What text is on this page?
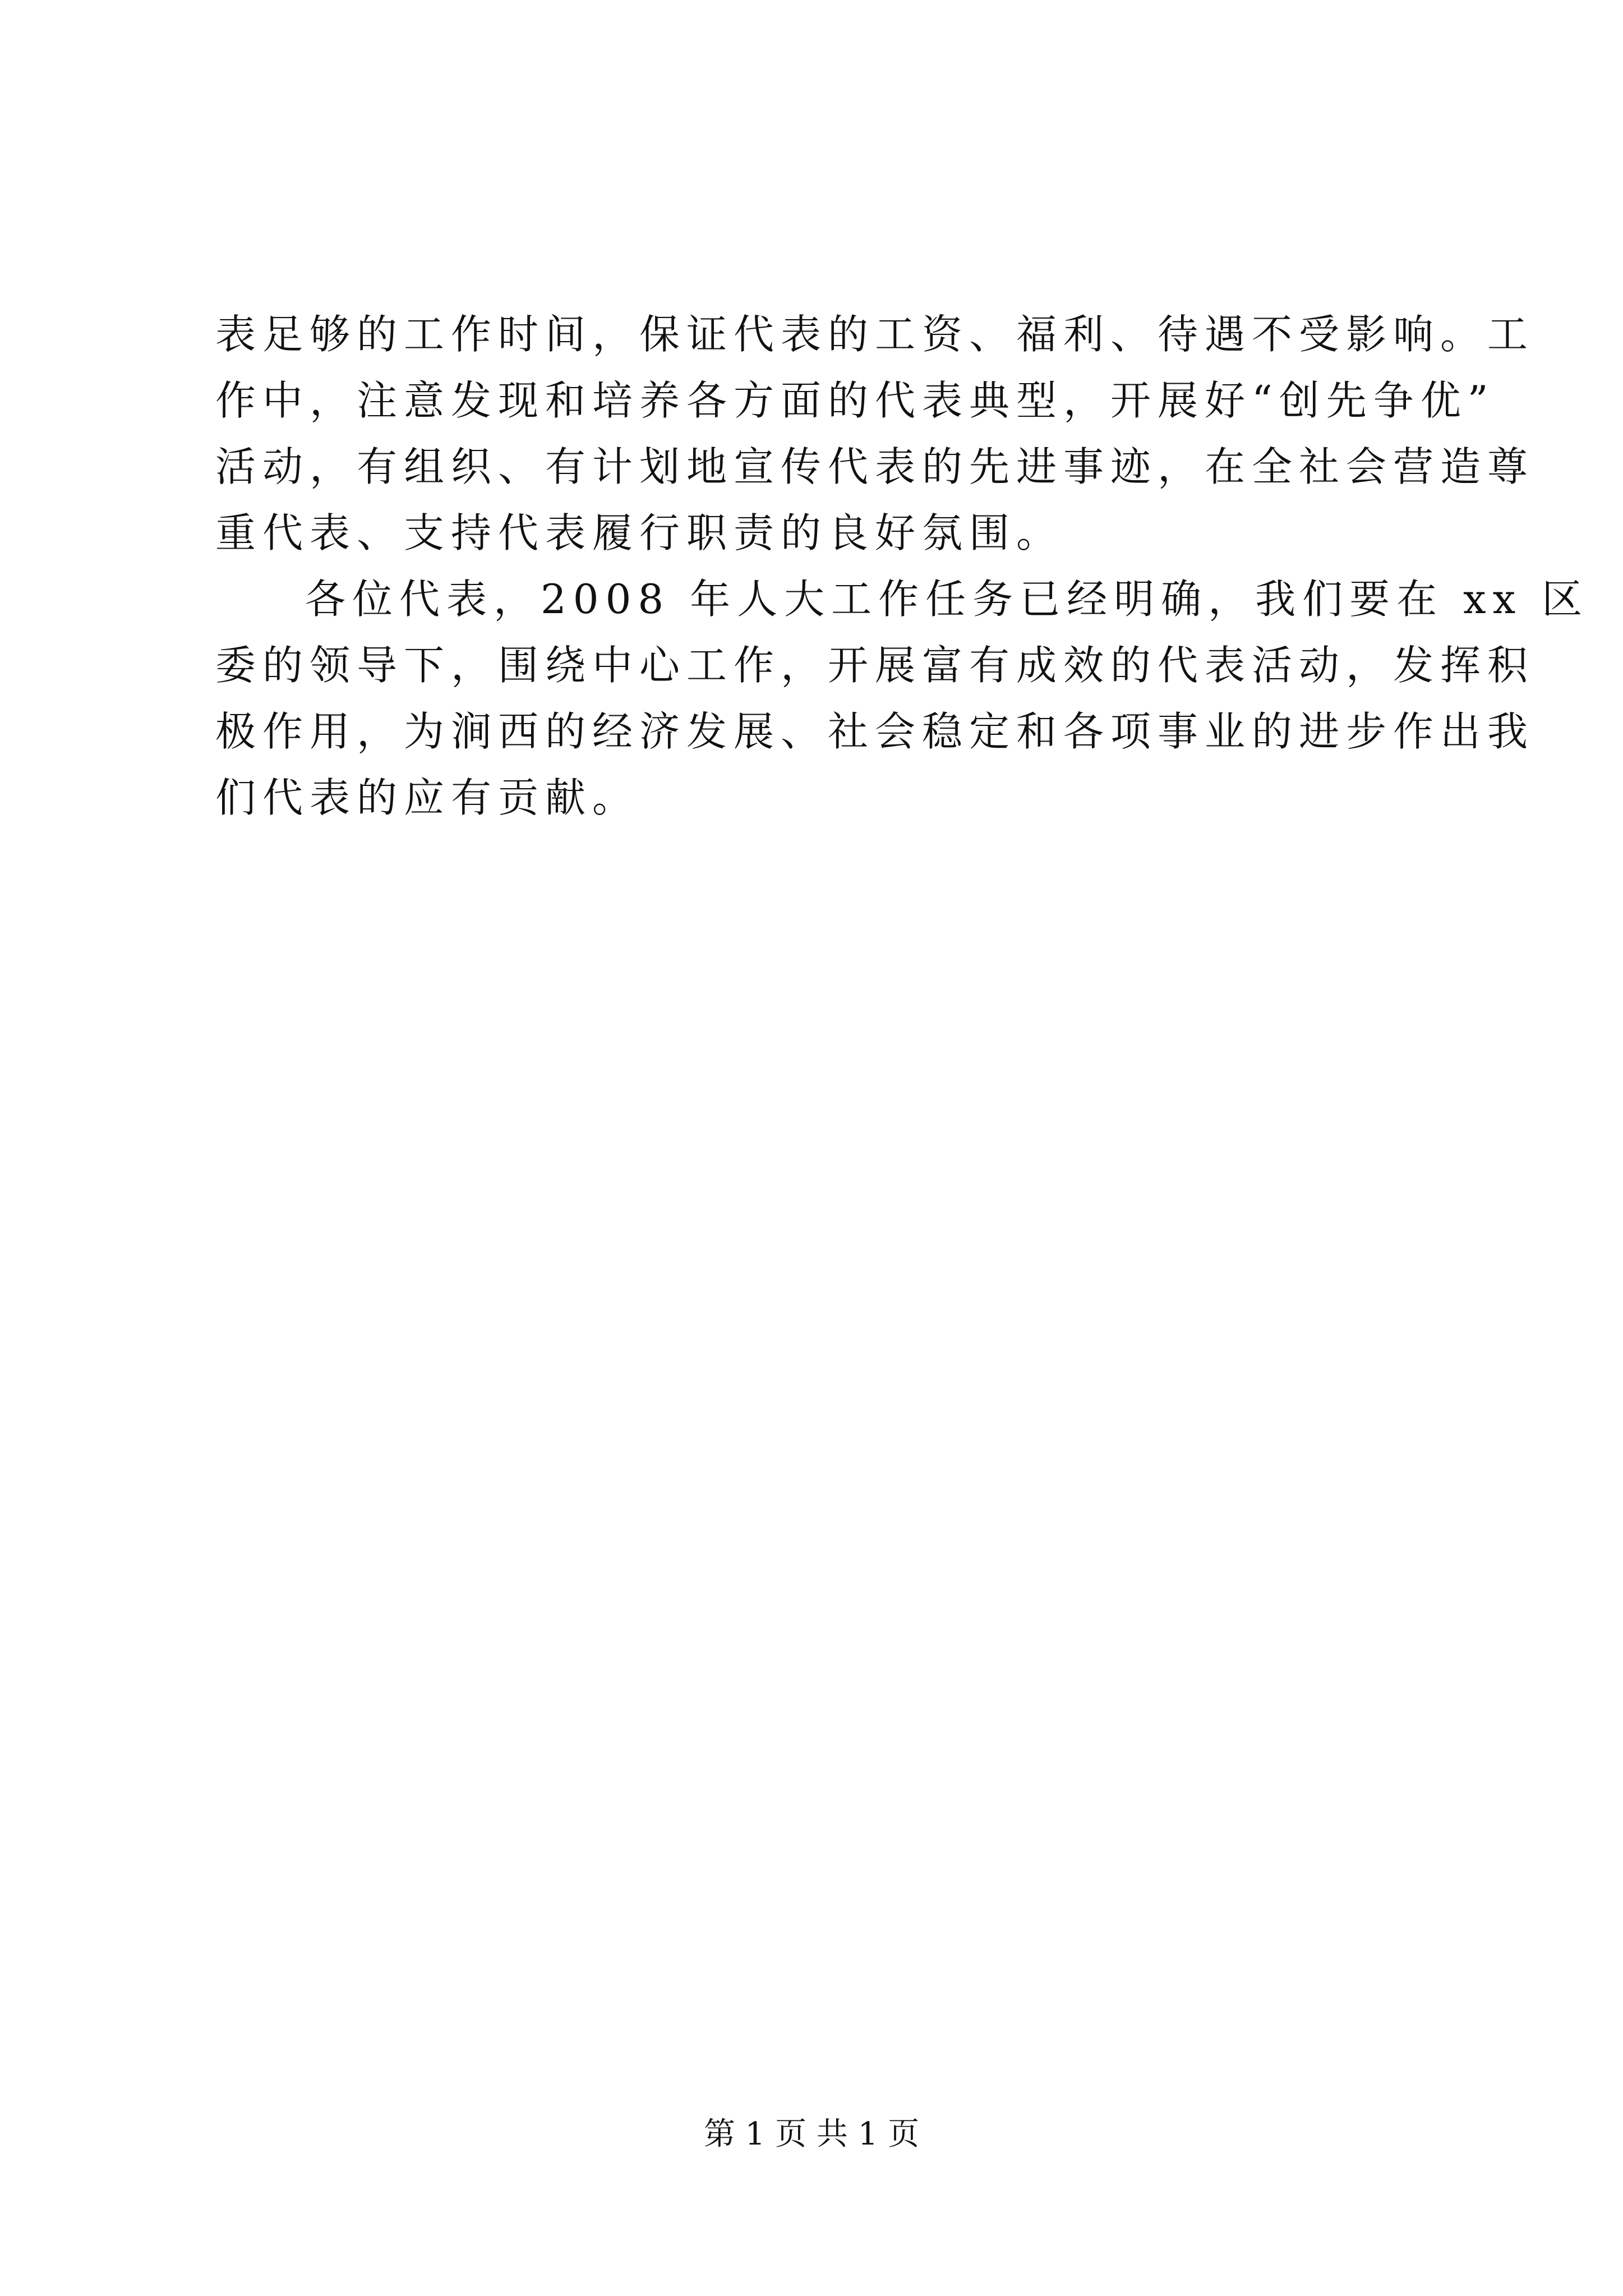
表足够的工作时间，保证代表的工资、福利、待遇不受影响。工
作中，注意发现和培养各方面的代表典型，开展好“创先争优”
活动，有组织、有计划地宣传代表的先进事迹，在全社会营造尊
重代表、支持代表履行职责的良好氛围。
各位代表，2008 年人大工作任务已经明确，我们要在 xx 区
委的领导下，围绕中心工作，开展富有成效的代表活动，发挥积
极作用，为涧西的经济发展、社会稳定和各项事业的进步作出我
们代表的应有贡献。
第 1 页 共 1 页
